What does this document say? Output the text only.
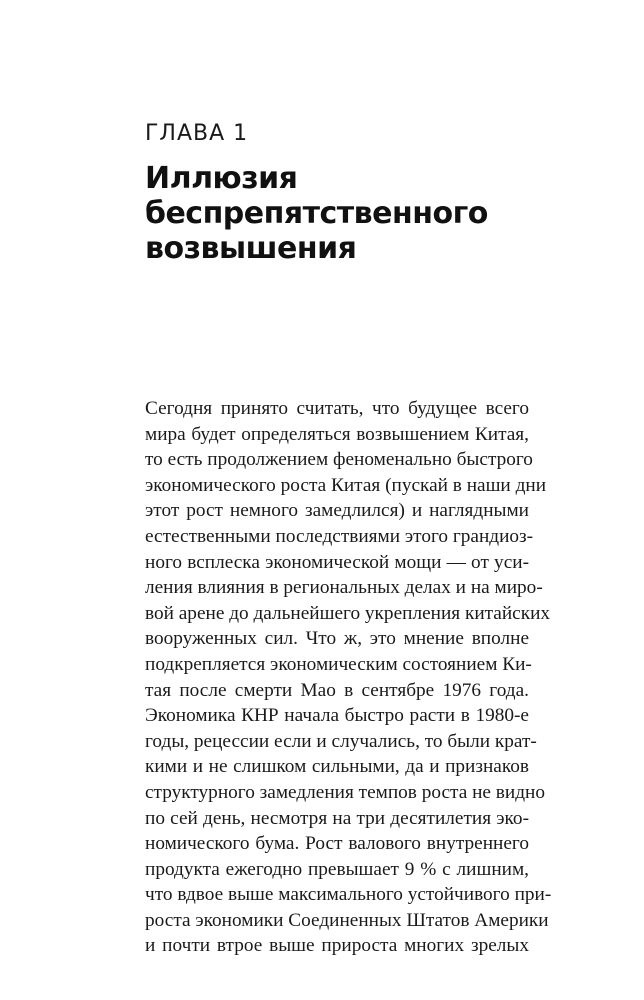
ГЛАВА 1
Иллюзия
беспрепятственного
возвышения
Сегодня принято считать, что будущее всего
мира будет определяться возвышением Китая,
то есть продолжением феноменально быстрого
экономического роста Китая (пускай в наши дни
этот рост немного замедлился) и наглядными
естественными последствиями этого грандиоз-
ного всплеска экономической мощи — от уси-
ления влияния в региональных делах и на миро-
вой арене до дальнейшего укрепления китайских
вооруженных сил. Что ж, это мнение вполне
подкрепляется экономическим состоянием Ки-
тая после смерти Мао в сентябре 1976 года.
Экономика КНР начала быстро расти в 1980-е
годы, рецессии если и случались, то были крат-
кими и не слишком сильными, да и признаков
структурного замедления темпов роста не видно
по сей день, несмотря на три десятилетия эко-
номического бума. Рост валового внутреннего
продукта ежегодно превышает 9 % с лишним,
что вдвое выше максимального устойчивого при-
роста экономики Соединенных Штатов Америки
и почти втрое выше прироста многих зрелых
